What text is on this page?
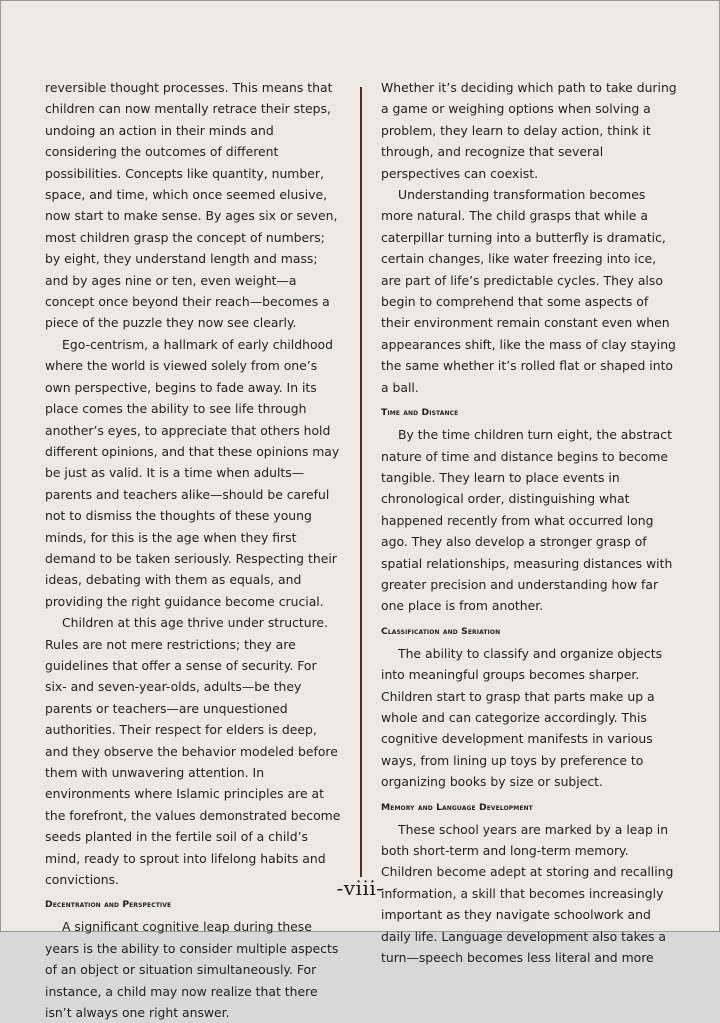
reversible thought processes. This means that children can now mentally retrace their steps, undoing an action in their minds and considering the outcomes of different possibilities. Concepts like quantity, number, space, and time, which once seemed elusive, now start to make sense. By ages six or seven, most children grasp the concept of numbers; by eight, they understand length and mass; and by ages nine or ten, even weight—a concept once beyond their reach—becomes a piece of the puzzle they now see clearly.

Ego-centrism, a hallmark of early childhood where the world is viewed solely from one’s own perspective, begins to fade away. In its place comes the ability to see life through another’s eyes, to appreciate that others hold different opinions, and that these opinions may be just as valid. It is a time when adults—parents and teachers alike—should be careful not to dismiss the thoughts of these young minds, for this is the age when they first demand to be taken seriously. Respecting their ideas, debating with them as equals, and providing the right guidance become crucial.

Children at this age thrive under structure. Rules are not mere restrictions; they are guidelines that offer a sense of security. For six- and seven-year-olds, adults—be they parents or teachers—are unquestioned authorities. Their respect for elders is deep, and they observe the behavior modeled before them with unwavering attention. In environments where Islamic principles are at the forefront, the values demonstrated become seeds planted in the fertile soil of a child’s mind, ready to sprout into lifelong habits and convictions.

Decentration and Perspective

A significant cognitive leap during these years is the ability to consider multiple aspects of an object or situation simultaneously. For instance, a child may now realize that there isn’t always one right answer.

Whether it’s deciding which path to take during a game or weighing options when solving a problem, they learn to delay action, think it through, and recognize that several perspectives can coexist.

Understanding transformation becomes more natural. The child grasps that while a caterpillar turning into a butterfly is dramatic, certain changes, like water freezing into ice, are part of life’s predictable cycles. They also begin to comprehend that some aspects of their environment remain constant even when appearances shift, like the mass of clay staying the same whether it’s rolled flat or shaped into a ball.

Time and Distance

By the time children turn eight, the abstract nature of time and distance begins to become tangible. They learn to place events in chronological order, distinguishing what happened recently from what occurred long ago. They also develop a stronger grasp of spatial relationships, measuring distances with greater precision and understanding how far one place is from another.

Classification and Seriation

The ability to classify and organize objects into meaningful groups becomes sharper. Children start to grasp that parts make up a whole and can categorize accordingly. This cognitive development manifests in various ways, from lining up toys by preference to organizing books by size or subject.

Memory and Language Development

These school years are marked by a leap in both short-term and long-term memory. Children become adept at storing and recalling information, a skill that becomes increasingly important as they navigate schoolwork and daily life. Language development also takes a turn—speech becomes less literal and more

-viii-
